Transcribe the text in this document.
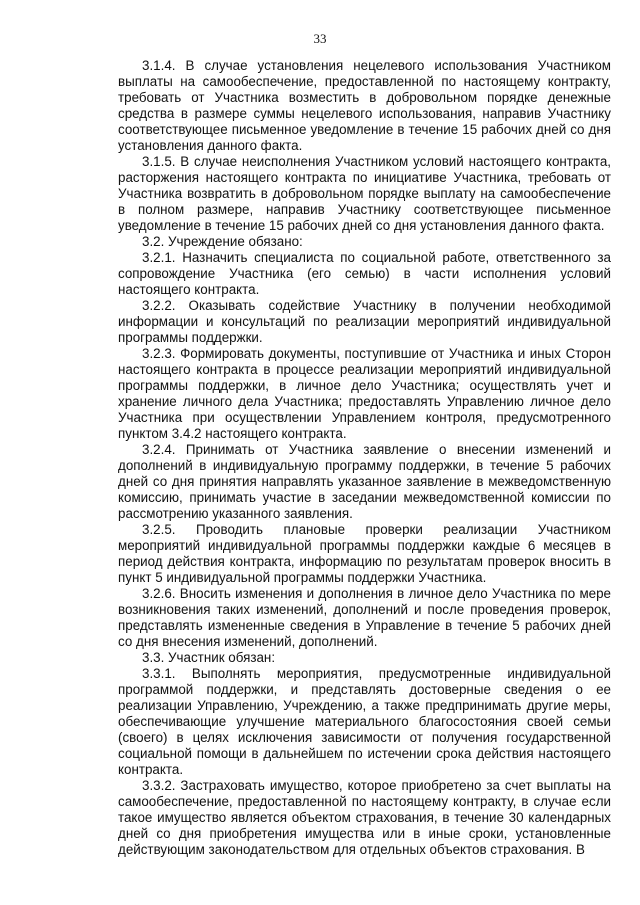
33

3.1.4. В случае установления нецелевого использования Участником выплаты на самообеспечение, предоставленной по настоящему контракту, требовать от Участника возместить в добровольном порядке денежные средства в размере суммы нецелевого использования, направив Участнику соответствующее письменное уведомление в течение 15 рабочих дней со дня установления данного факта.

3.1.5. В случае неисполнения Участником условий настоящего контракта, расторжения настоящего контракта по инициативе Участника, требовать от Участника возвратить в добровольном порядке выплату на самообеспечение в полном размере, направив Участнику соответствующее письменное уведомление в течение 15 рабочих дней со дня установления данного факта.

3.2. Учреждение обязано:

3.2.1. Назначить специалиста по социальной работе, ответственного за сопровождение Участника (его семью) в части исполнения условий настоящего контракта.

3.2.2. Оказывать содействие Участнику в получении необходимой информации и консультаций по реализации мероприятий индивидуальной программы поддержки.

3.2.3. Формировать документы, поступившие от Участника и иных Сторон настоящего контракта в процессе реализации мероприятий индивидуальной программы поддержки, в личное дело Участника; осуществлять учет и хранение личного дела Участника; предоставлять Управлению личное дело Участника при осуществлении Управлением контроля, предусмотренного пунктом 3.4.2 настоящего контракта.

3.2.4. Принимать от Участника заявление о внесении изменений и дополнений в индивидуальную программу поддержки, в течение 5 рабочих дней со дня принятия направлять указанное заявление в межведомственную комиссию, принимать участие в заседании межведомственной комиссии по рассмотрению указанного заявления.

3.2.5. Проводить плановые проверки реализации Участником мероприятий индивидуальной программы поддержки каждые 6 месяцев в период действия контракта, информацию по результатам проверок вносить в пункт 5 индивидуальной программы поддержки Участника.

3.2.6. Вносить изменения и дополнения в личное дело Участника по мере возникновения таких изменений, дополнений и после проведения проверок, представлять измененные сведения в Управление в течение 5 рабочих дней со дня внесения изменений, дополнений.

3.3. Участник обязан:

3.3.1. Выполнять мероприятия, предусмотренные индивидуальной программой поддержки, и представлять достоверные сведения о ее реализации Управлению, Учреждению, а также предпринимать другие меры, обеспечивающие улучшение материального благосостояния своей семьи (своего) в целях исключения зависимости от получения государственной социальной помощи в дальнейшем по истечении срока действия настоящего контракта.

3.3.2. Застраховать имущество, которое приобретено за счет выплаты на самообеспечение, предоставленной по настоящему контракту, в случае если такое имущество является объектом страхования, в течение 30 календарных дней со дня приобретения имущества или в иные сроки, установленные действующим законодательством для отдельных объектов страхования. В
